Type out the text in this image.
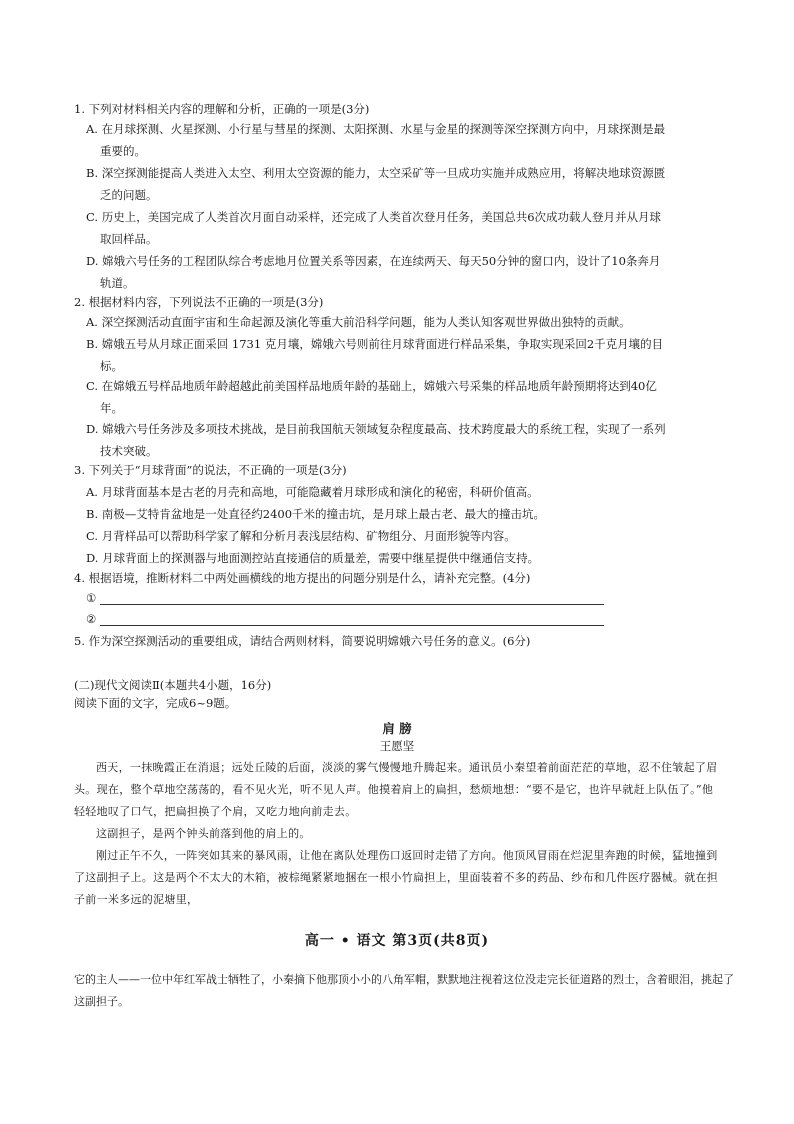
1. 下列对材料相关内容的理解和分析，正确的一项是(3分)
A. 在月球探测、火星探测、小行星与彗星的探测、太阳探测、水星与金星的探测等深空探测方向中，月球探测是最
重要的。
B. 深空探测能提高人类进入太空、利用太空资源的能力，太空采矿等一旦成功实施并成熟应用，将解决地球资源匮
乏的问题。
C. 历史上，美国完成了人类首次月面自动采样，还完成了人类首次登月任务，美国总共6次成功载人登月并从月球
取回样品。
D. 嫦娥六号任务的工程团队综合考虑地月位置关系等因素，在连续两天、每天50分钟的窗口内，设计了10条奔月
轨道。
2. 根据材料内容，下列说法不正确的一项是(3分)
A. 深空探测活动直面宇宙和生命起源及演化等重大前沿科学问题，能为人类认知客观世界做出独特的贡献。
B. 嫦娥五号从月球正面采回 1731 克月壤，嫦娥六号则前往月球背面进行样品采集，争取实现采回2千克月壤的目
标。
C. 在嫦娥五号样品地质年龄超越此前美国样品地质年龄的基础上，嫦娥六号采集的样品地质年龄预期将达到40亿
年。
D. 嫦娥六号任务涉及多项技术挑战，是目前我国航天领域复杂程度最高、技术跨度最大的系统工程，实现了一系列
技术突破。
3. 下列关于“月球背面”的说法，不正确的一项是(3分)
A. 月球背面基本是古老的月壳和高地，可能隐藏着月球形成和演化的秘密，科研价值高。
B. 南极—艾特肯盆地是一处直径约2400千米的撞击坑，是月球上最古老、最大的撞击坑。
C. 月背样品可以帮助科学家了解和分析月表浅层结构、矿物组分、月面形貌等内容。
D. 月球背面上的探测器与地面测控站直接通信的质量差，需要中继星提供中继通信支持。
4. 根据语境，推断材料二中两处画横线的地方提出的问题分别是什么，请补充完整。(4分)
①
②
5. 作为深空探测活动的重要组成，请结合两则材料，简要说明嫦娥六号任务的意义。(6分)
(二)现代文阅读Ⅱ(本题共4小题，16分)
阅读下面的文字，完成6~9题。
肩 膀
王愿坚
西天，一抹晚霞正在消退；远处丘陵的后面，淡淡的雾气慢慢地升腾起来。通讯员小秦望着前面茫茫的草地，忍不住皱起了眉头。现在，整个草地空荡荡的，看不见火光，听不见人声。他摸着肩上的扁担，愁烦地想：“要不是它，也许早就赶上队伍了。”他轻轻地叹了口气，把扁担换了个肩，又吃力地向前走去。
这副担子，是两个钟头前落到他的肩上的。
刚过正午不久，一阵突如其来的暴风雨，让他在离队处理伤口返回时走错了方向。他顶风冒雨在烂泥里奔跑的时候，猛地撞到了这副担子上。这是两个不太大的木箱，被棕绳紧紧地捆在一根小竹扁担上，里面装着不多的药品、纱布和几件医疗器械。就在担子前一米多远的泥塘里，
高一 • 语文 第3页(共8页)
它的主人——一位中年红军战士牺牲了，小秦摘下他那顶小小的八角军帽，默默地注视着这位没走完长征道路的烈士，含着眼泪，挑起了这副担子。
